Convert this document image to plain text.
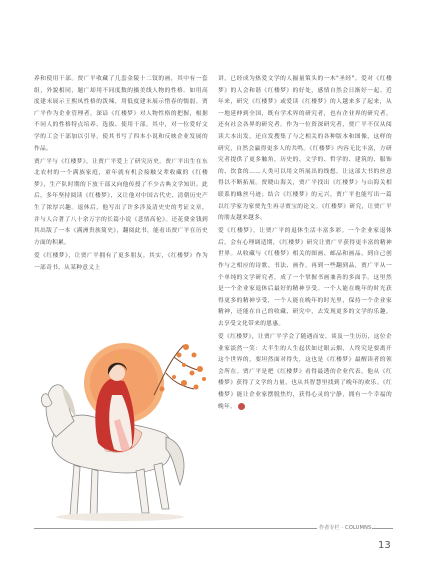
养和使用干部。贾广平收藏了几套金陵十二钗的画，其中有一套组，外貌相同，题广却用不同度数的摄美线人物的性格。如用高度建末展示王熙凤性格的泼辣，用低度建末展示惜春的懦弱。贾广平作为企业管理者，深谙《红楼梦》对人物性格的把握，根据不同人的性格特点培养、选拔、使用干部。其中，对一位爱好文学的工会干部加以引导，使其书写了四本小说和反映企业发展的作品。

贾广平与《红楼梦》，让贾广平爱上了研究历史。贾广平出生在东北农村的一个满族家庭，童年就有机会接触父辈收藏的《红楼梦》，生产队时期的下放干部又向他传授了不少古典文学知识。此后，多年坚持阅读《红楼梦》，又让他对中国古代史、清朝历史产生了浓厚兴趣。退休后，他写出了许多涉及清史史的考证文章，并与人合著了八十余万字的长篇小说《悲情高伦》。还花费金钱到其出版了一本《满洲贵族简史》，翻阅此书，能看出贾广平在历史方面的积累。

爱《红楼梦》，让贾广平拥有了更多朋友。其实，《红楼梦》作为一部奇书，从某种意义上

讲，已经成为热爱文学的人掘量策头的一木"圣经"。爱对《红楼梦》的人会和谐《红楼梦》的好处，感情自然会日渐好一起。近年来，研究《红楼梦》或爱读《红楼梦》的人越来多了起来，从一地延伸到全国，既有学术界的研究者，也有企业界的研究者，还有社会各界的研究者。作为一位资深研究者，贾广平不仅从阅读大本出发，还自发搜集了与之相关的各种版本和图像，这样的研究，自然会赢得更多人的共鸣。《红楼梦》内容无比丰富，方研究者提供了更多触角，历史的、文学的、哲学的、建筑的、服饰的、饮食的……人类可以用文所展出的线想，让这部大书的丝意得以不断拓展。贾晓山海关，贾广平找出《红楼梦》与山海关相联系的蛛丝马迹；结合《红楼梦》的元兴，贾广平也能写出一篇以红学家为家贾先生再寻贾宝的论文。《红楼梦》研究，让贾广平的朋友越来越多。

爱《红楼梦》，让贾广平的退休生活丰富多彩。一个企业家退休后，会有心理调适期，《红楼梦》研究让贾广平获得更丰富的精神世界。从收藏与《红楼梦》相关的图画、邮品和画品，到自己创作与之相应的诗歌、书法、画作，再到一些翻到品，贾广平从一个单纯的文学研究者，成了一个掌握书画兼善的多面手。这里然是一个企业家退休后最好的精神享受。一个人能在晚年的时光获得更多的精神享受，一个人能在晚年的时光里，保持一个企业家精神，还能在自己的收藏、研究中，去发现更多的文学的乐趣，去享受文化带来的恩惠。

爱《红楼梦》，让贾广平学会了随遇而安。谈及一生历历，这位企业家淡然一笑：大半生的人生起伏如过眼云烟，人终究是要离开这个世界的，要坦然面对得失，这也是《红楼梦》最醒读者的领会所在。贾广平是把《红楼梦》看得最透的企业代表，他从《红楼梦》获得了文学的力量，也从其智慧里找到了晚年的欢乐。《红楼梦》能让企业家摆脱焦灼，获得心灵的宁静，拥有一个幸福的晚年。

作者专栏 · COLUMNS
13
